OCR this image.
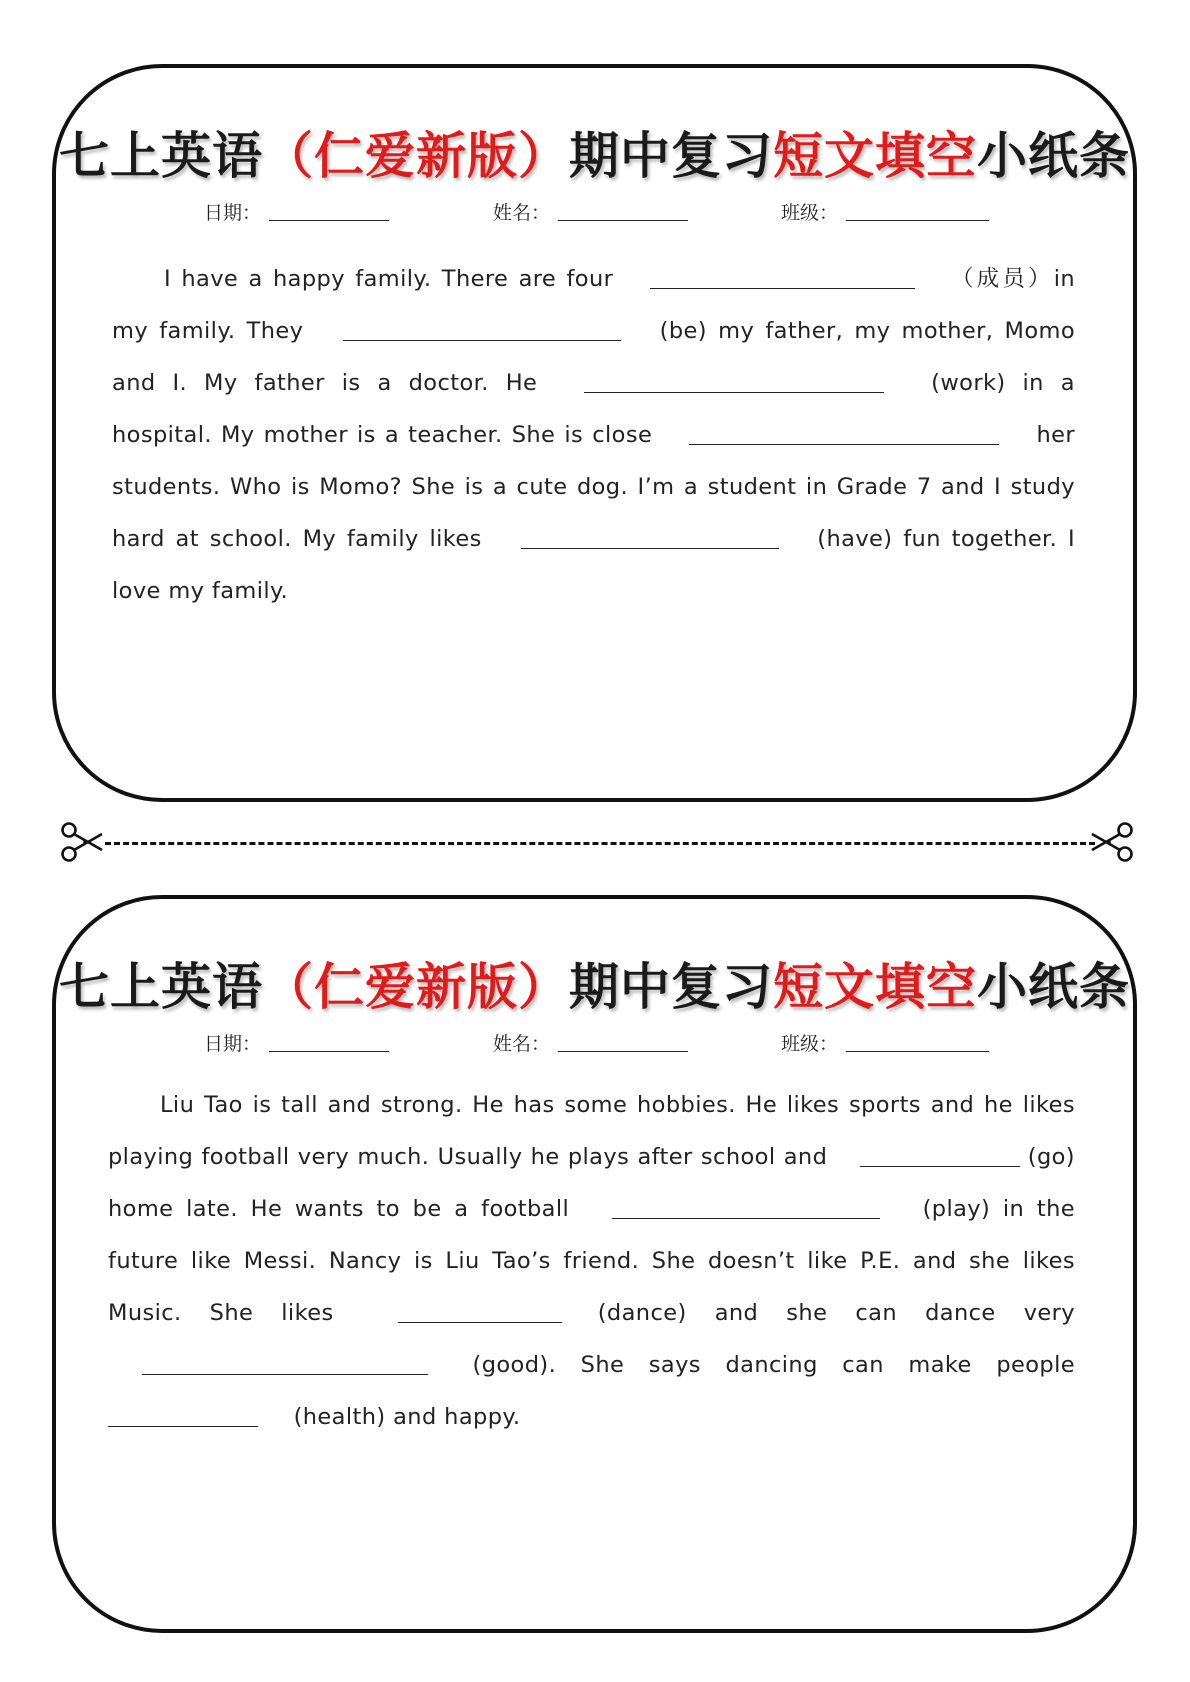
七上英语（仁爱新版）期中复习短文填空小纸条
日期：	姓名：	班级：
I have a happy family. There are four	（成员）in my family. They	(be) my father, my mother, Momo and I. My father is a doctor. He	(work) in a hospital. My mother is a teacher. She is close	her students. Who is Momo? She is a cute dog. I’m a student in Grade 7 and I study hard at school. My family likes	(have) fun together. I love my family.
七上英语（仁爱新版）期中复习短文填空小纸条
日期：	姓名：	班级：
Liu Tao is tall and strong. He has some hobbies. He likes sports and he likes playing football very much. Usually he plays after school and	(go) home late. He wants to be a football	(play) in the future like Messi. Nancy is Liu Tao’s friend. She doesn’t like P.E. and she likes Music. She likes	(dance) and she can dance very  (good). She says dancing can make people  (health) and happy.
